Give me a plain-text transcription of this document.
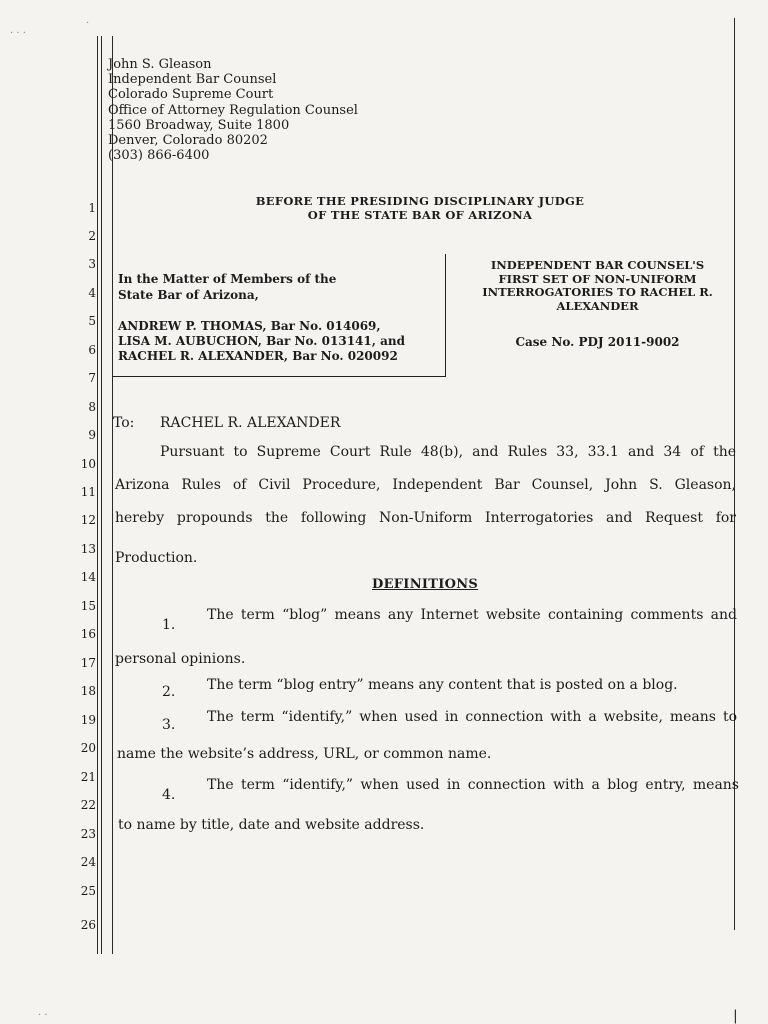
· · ·
·
· ·	|
1
2
3
4
5
6
7
8
9
10
11
12
13
14
15
16
17
18
19
20
21
22
23
24
25
26
John S. Gleason
Independent Bar Counsel
Colorado Supreme Court
Office of Attorney Regulation Counsel
1560 Broadway, Suite 1800
Denver, Colorado 80202
(303) 866-6400
BEFORE THE PRESIDING DISCIPLINARY JUDGE
OF THE STATE BAR OF ARIZONA
In the Matter of Members of the
State Bar of Arizona,
ANDREW P. THOMAS, Bar No. 014069,
LISA M. AUBUCHON, Bar No. 013141, and
RACHEL R. ALEXANDER, Bar No. 020092
INDEPENDENT BAR COUNSEL'S
FIRST SET OF NON-UNIFORM
INTERROGATORIES TO RACHEL R.
ALEXANDER
Case No. PDJ 2011-9002
To: RACHEL R. ALEXANDER
Pursuant to Supreme Court Rule 48(b), and Rules 33, 33.1 and 34 of the
Arizona Rules of Civil Procedure, Independent Bar Counsel, John S. Gleason,
hereby propounds the following Non-Uniform Interrogatories and Request for
Production.
DEFINITIONS
1.
The term “blog” means any Internet website containing comments and
personal opinions.
2. The term “blog entry” means any content that is posted on a blog.
3. The term “identify,” when used in connection with a website, means to
name the website’s address, URL, or common name.
4.
The term “identify,” when used in connection with a blog entry, means
to name by title, date and website address.
